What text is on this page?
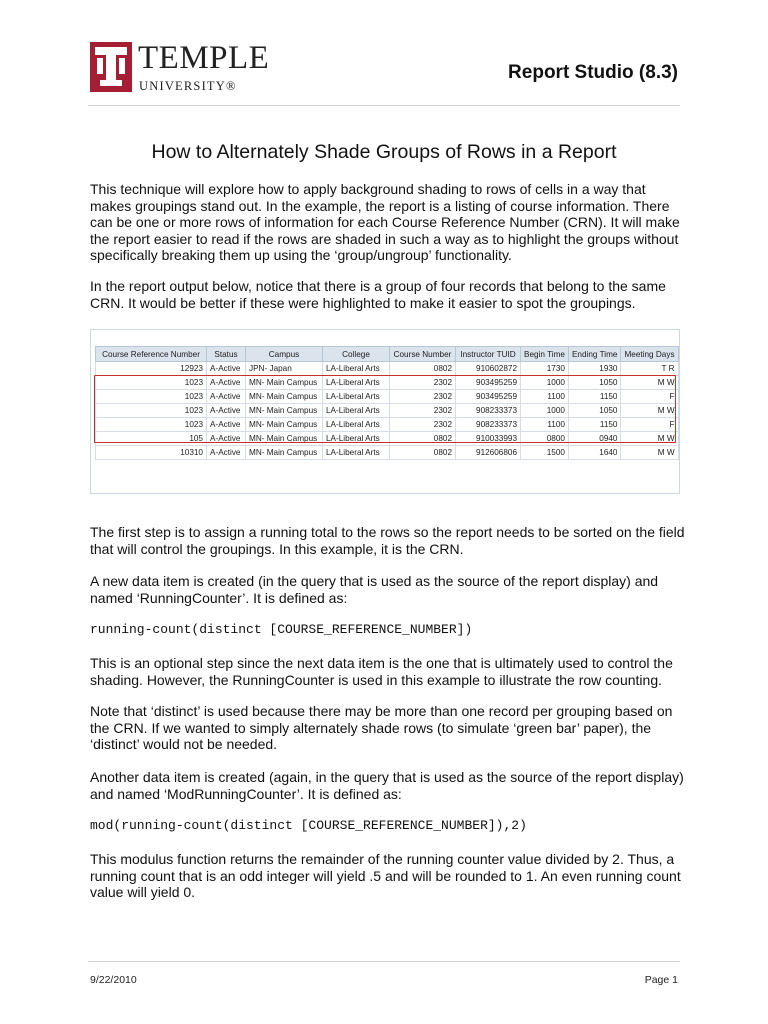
TEMPLE
UNIVERSITY®
Report Studio (8.3)
How to Alternately Shade Groups of Rows in a Report
This technique will explore how to apply background shading to rows of cells in a way that makes groupings stand out. In the example, the report is a listing of course information. There can be one or more rows of information for each Course Reference Number (CRN). It will make the report easier to read if the rows are shaded in such a way as to highlight the groups without specifically breaking them up using the ‘group/ungroup’ functionality.
In the report output below, notice that there is a group of four records that belong to the same CRN. It would be better if these were highlighted to make it easier to spot the groupings.
Course Reference Number	Status	Campus	College	Course Number	Instructor TUID	Begin Time	Ending Time	Meeting Days
12923	A-Active	JPN- Japan	LA-Liberal Arts	0802	910602872	1730	1930	T R
1023	A-Active	MN- Main Campus	LA-Liberal Arts	2302	903495259	1000	1050	M W
1023	A-Active	MN- Main Campus	LA-Liberal Arts	2302	903495259	1100	1150	F
1023	A-Active	MN- Main Campus	LA-Liberal Arts	2302	908233373	1000	1050	M W
1023	A-Active	MN- Main Campus	LA-Liberal Arts	2302	908233373	1100	1150	F
105	A-Active	MN- Main Campus	LA-Liberal Arts	0802	910033993	0800	0940	M W
10310	A-Active	MN- Main Campus	LA-Liberal Arts	0802	912606806	1500	1640	M W
The first step is to assign a running total to the rows so the report needs to be sorted on the field that will control the groupings. In this example, it is the CRN.
A new data item is created (in the query that is used as the source of the report display) and named ‘RunningCounter’. It is defined as:
running-count(distinct [COURSE_REFERENCE_NUMBER])
This is an optional step since the next data item is the one that is ultimately used to control the shading. However, the RunningCounter is used in this example to illustrate the row counting.
Note that ‘distinct’ is used because there may be more than one record per grouping based on the CRN. If we wanted to simply alternately shade rows (to simulate ‘green bar’ paper), the ‘distinct’ would not be needed.
Another data item is created (again, in the query that is used as the source of the report display) and named ‘ModRunningCounter’. It is defined as:
mod(running-count(distinct [COURSE_REFERENCE_NUMBER]),2)
This modulus function returns the remainder of the running counter value divided by 2. Thus, a running count that is an odd integer will yield .5 and will be rounded to 1. An even running count value will yield 0.
9/22/2010	Page 1
